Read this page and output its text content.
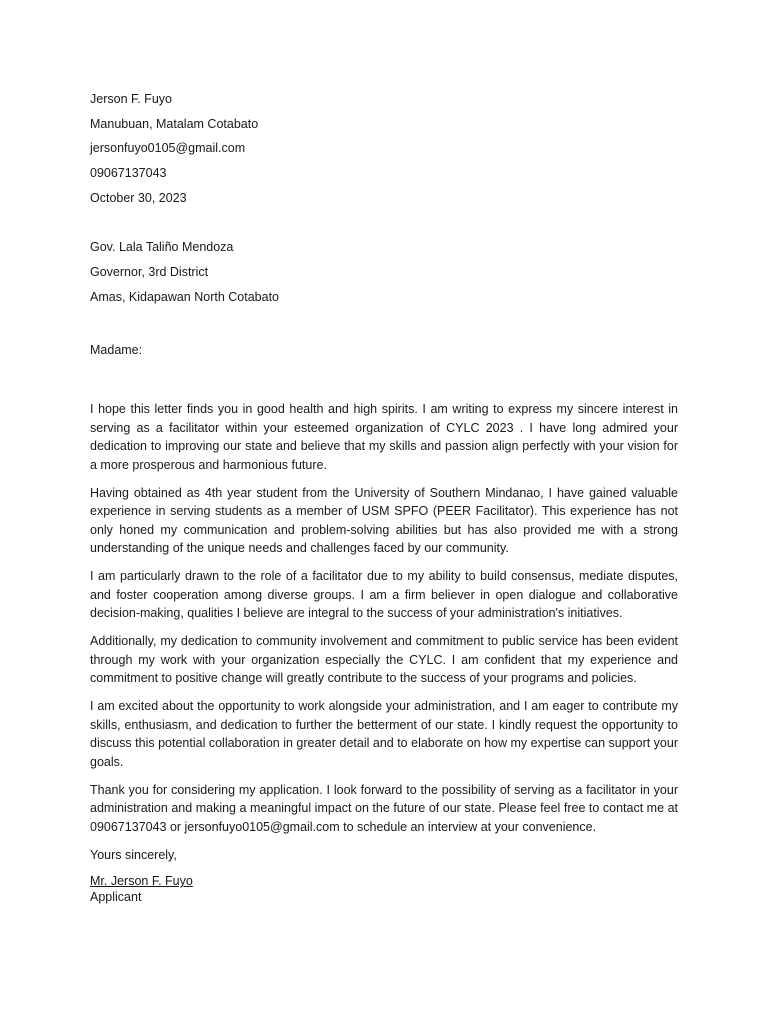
Jerson F. Fuyo
Manubuan, Matalam Cotabato
jersonfuyo0105@gmail.com
09067137043
October 30, 2023
Gov. Lala Taliño Mendoza
Governor, 3rd District
Amas, Kidapawan North Cotabato
Madame:

I hope this letter finds you in good health and high spirits. I am writing to express my sincere interest in serving as a facilitator within your esteemed organization of CYLC 2023 . I have long admired your dedication to improving our state and believe that my skills and passion align perfectly with your vision for a more prosperous and harmonious future.

Having obtained as 4th year student from the University of Southern Mindanao, I have gained valuable experience in serving students as a member of USM SPFO (PEER Facilitator). This experience has not only honed my communication and problem-solving abilities but has also provided me with a strong understanding of the unique needs and challenges faced by our community.

I am particularly drawn to the role of a facilitator due to my ability to build consensus, mediate disputes, and foster cooperation among diverse groups. I am a firm believer in open dialogue and collaborative decision-making, qualities I believe are integral to the success of your administration's initiatives.

Additionally, my dedication to community involvement and commitment to public service has been evident through my work with your organization especially the CYLC. I am confident that my experience and commitment to positive change will greatly contribute to the success of your programs and policies.

I am excited about the opportunity to work alongside your administration, and I am eager to contribute my skills, enthusiasm, and dedication to further the betterment of our state. I kindly request the opportunity to discuss this potential collaboration in greater detail and to elaborate on how my expertise can support your goals.

Thank you for considering my application. I look forward to the possibility of serving as a facilitator in your administration and making a meaningful impact on the future of our state. Please feel free to contact me at 09067137043 or jersonfuyo0105@gmail.com to schedule an interview at your convenience.

Yours sincerely,
Mr. Jerson F. Fuyo
Applicant
